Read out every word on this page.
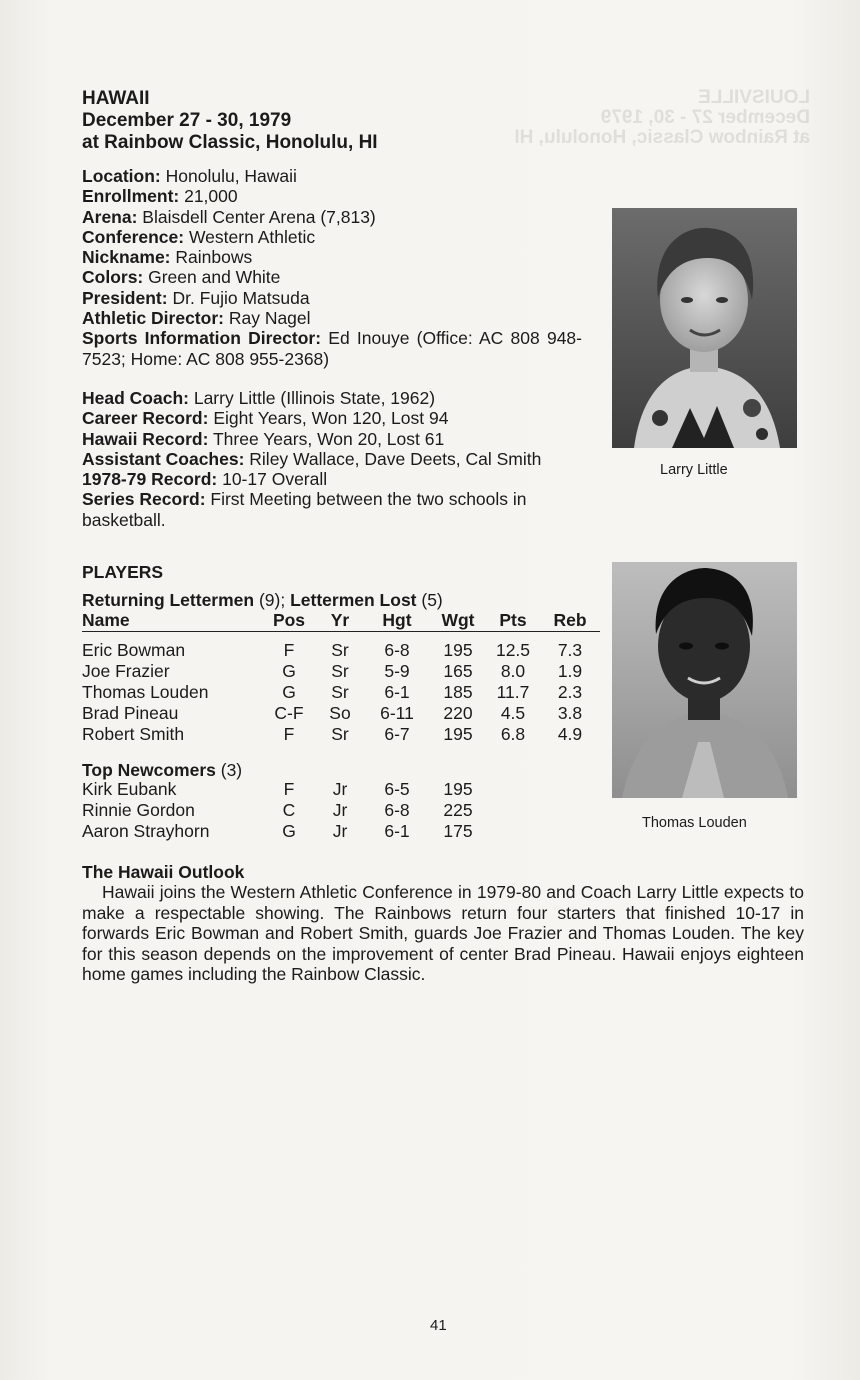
LOUISVILLE
December 27 - 30, 1979
at Rainbow Classic, Honolulu, HI
HAWAII
December 27 - 30, 1979
at Rainbow Classic, Honolulu, HI
Location: Honolulu, Hawaii
Enrollment: 21,000
Arena: Blaisdell Center Arena (7,813)
Conference: Western Athletic
Nickname: Rainbows
Colors: Green and White
President: Dr. Fujio Matsuda
Athletic Director: Ray Nagel
Sports Information Director: Ed Inouye (Office: AC 808 948-7523; Home: AC 808 955-2368)
Head Coach: Larry Little (Illinois State, 1962)
Career Record: Eight Years, Won 120, Lost 94
Hawaii Record: Three Years, Won 20, Lost 61
Assistant Coaches: Riley Wallace, Dave Deets, Cal Smith
1978-79 Record: 10-17 Overall
Series Record: First Meeting between the two schools in basketball.
PLAYERS
Returning Lettermen (9); Lettermen Lost (5)
Name	Pos	Yr	Hgt	Wgt	Pts	Reb

Eric Bowman	F	Sr	6-8	195	12.5	7.3
Joe Frazier	G	Sr	5-9	165	8.0	1.9
Thomas Louden	G	Sr	6-1	185	11.7	2.3
Brad Pineau	C-F	So	6-11	220	4.5	3.8
Robert Smith	F	Sr	6-7	195	6.8	4.9
Top Newcomers (3)
Kirk Eubank	F	Jr	6-5	195
Rinnie Gordon	C	Jr	6-8	225
Aaron Strayhorn	G	Jr	6-1	175
The Hawaii Outlook
Hawaii joins the Western Athletic Conference in 1979-80 and Coach Larry Little expects to make a respectable showing. The Rainbows return four starters that finished 10-17 in forwards Eric Bowman and Robert Smith, guards Joe Frazier and Thomas Louden. The key for this season depends on the improvement of center Brad Pineau. Hawaii enjoys eighteen home games including the Rainbow Classic.
Larry Little
Thomas Louden
41
